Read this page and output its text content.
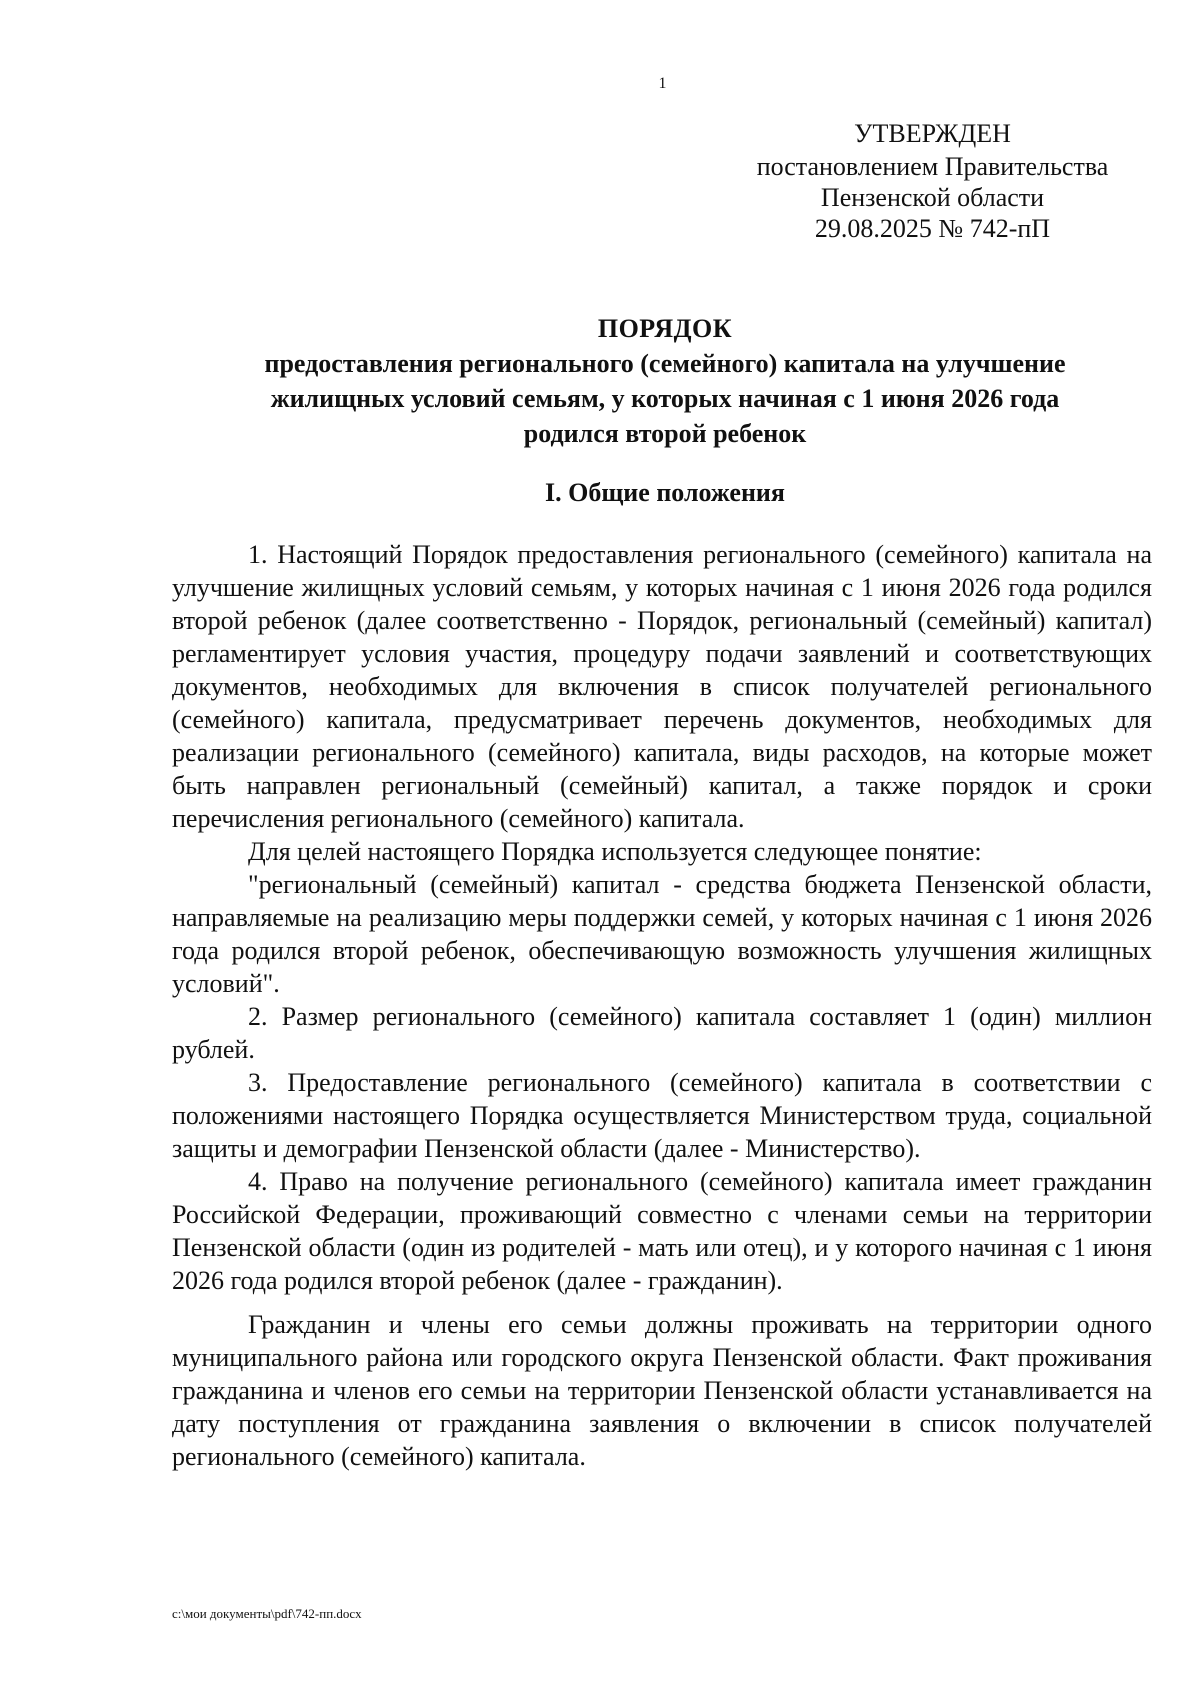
1
УТВЕРЖДЕН
постановлением Правительства
Пензенской области
29.08.2025 № 742-пП
ПОРЯДОК
предоставления регионального (семейного) капитала на улучшение
жилищных условий семьям, у которых начиная с 1 июня 2026 года
родился второй ребенок
I. Общие положения

1. Настоящий Порядок предоставления регионального (семейного) капитала на улучшение жилищных условий семьям, у которых начиная с 1 июня 2026 года родился второй ребенок (далее соответственно - Порядок, региональный (семейный) капитал) регламентирует условия участия, процедуру подачи заявлений и соответствующих документов, необходимых для включения в список получателей регионального (семейного) капитала, предусматривает перечень документов, необходимых для реализации регионального (семейного) капитала, виды расходов, на которые может быть направлен региональный (семейный) капитал, а также порядок и сроки перечисления регионального (семейного) капитала.

Для целей настоящего Порядка используется следующее понятие:

"региональный (семейный) капитал - средства бюджета Пензенской области, направляемые на реализацию меры поддержки семей, у которых начиная с 1 июня 2026 года родился второй ребенок, обеспечивающую возможность улучшения жилищных условий".

2. Размер регионального (семейного) капитала составляет 1 (один) миллион рублей.

3. Предоставление регионального (семейного) капитала в соответствии с положениями настоящего Порядка осуществляется Министерством труда, социальной защиты и демографии Пензенской области (далее - Министерство).

4. Право на получение регионального (семейного) капитала имеет гражданин Российской Федерации, проживающий совместно с членами семьи на территории Пензенской области (один из родителей - мать или отец), и у которого начиная с 1 июня 2026 года родился второй ребенок (далее - гражданин).

Гражданин и члены его семьи должны проживать на территории одного муниципального района или городского округа Пензенской области. Факт проживания гражданина и членов его семьи на территории Пензенской области устанавливается на дату поступления от гражданина заявления о включении в список получателей регионального (семейного) капитала.

c:\мои документы\pdf\742-пп.docx
